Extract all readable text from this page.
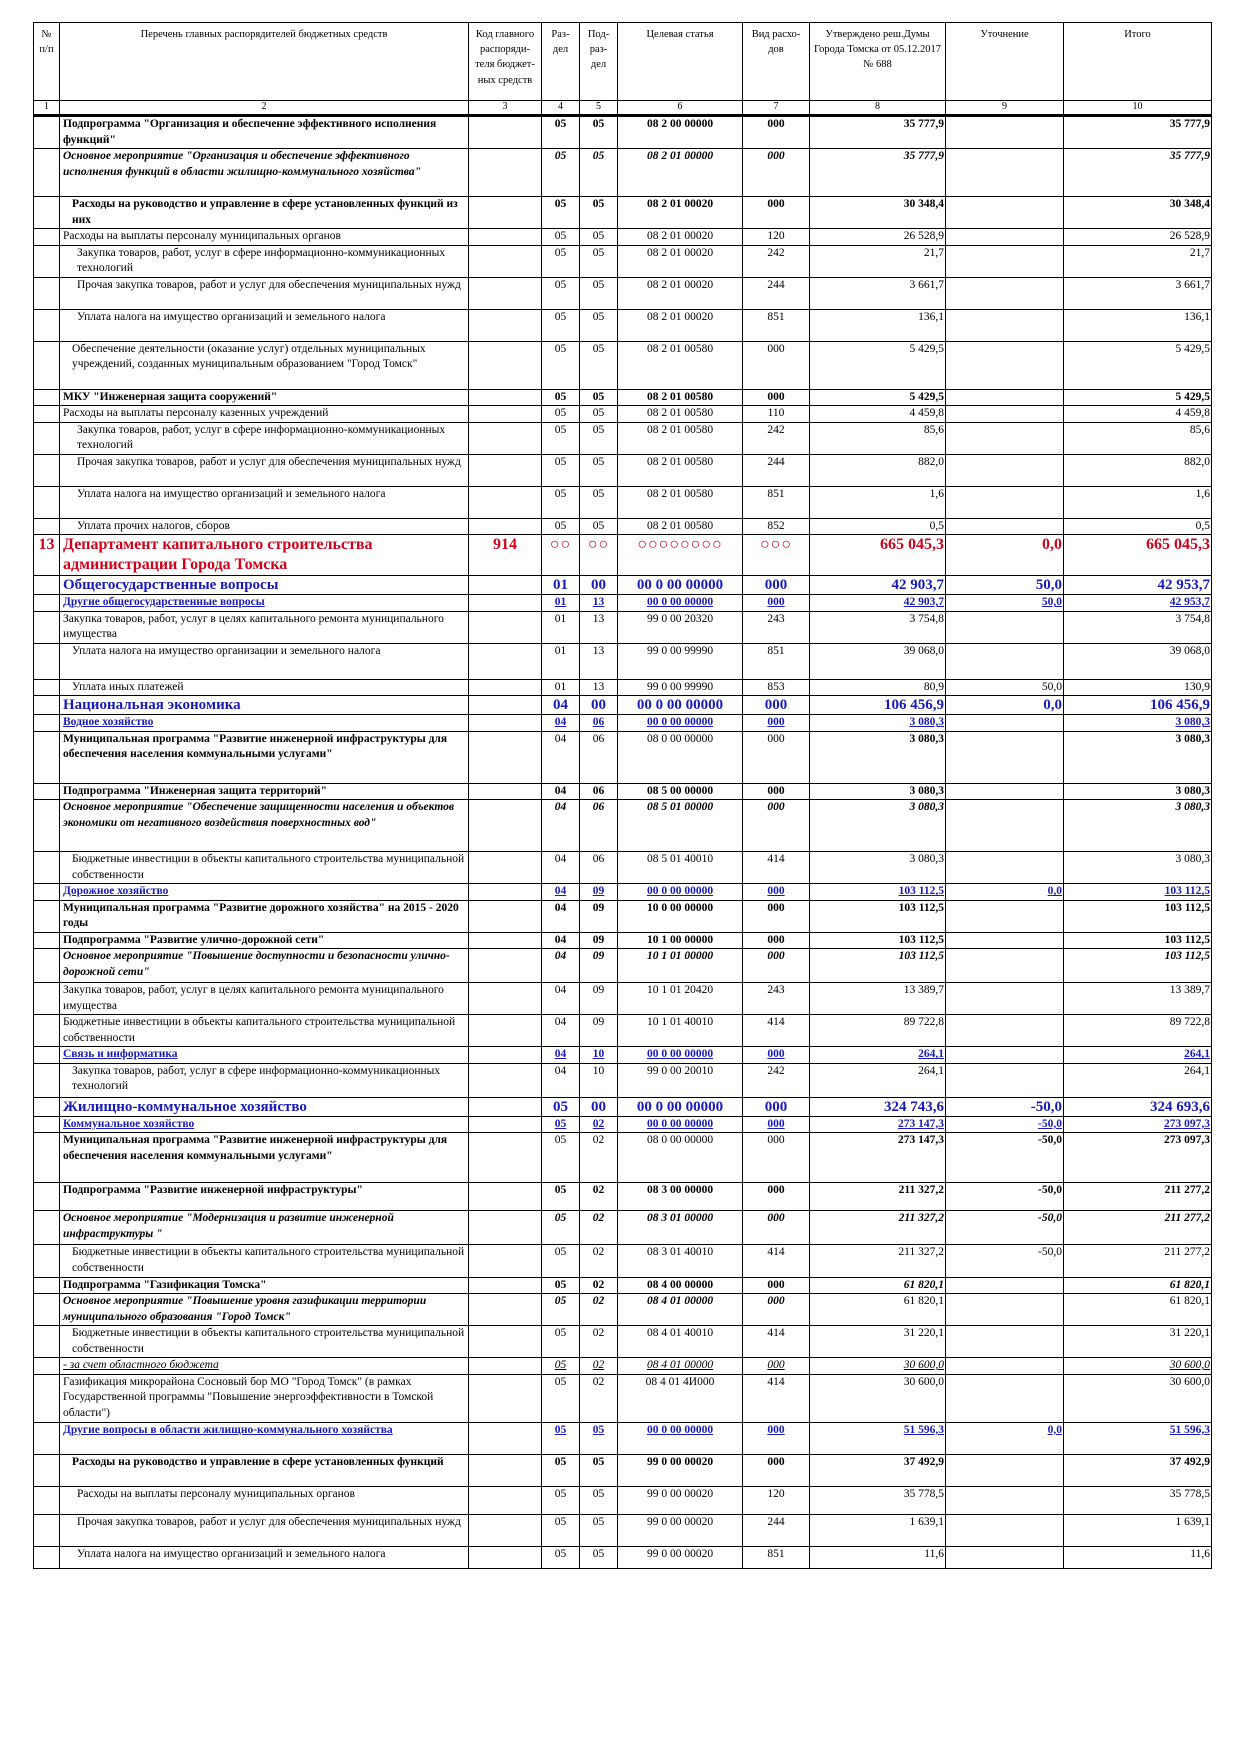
№ п/п	Перечень главных распорядителей бюджетных средств	Код главного распоряди-теля бюджет-ных средств	Раз-дел	Под-раз-дел	Целевая статья	Вид расхо-дов	Утверждено реш.Думы Города Томска от 05.12.2017 № 688	Уточнение	Итого
1	2	3	4	5	6	7	8	9	10
	Подпрограмма "Организация и обеспечение эффективного исполнения функций"		05	05	08 2 00 00000	000	35 777,9		35 777,9
	Основное мероприятие "Организация и обеспечение эффективного исполнения функций в области жилищно-коммунального хозяйства"		05	05	08 2 01 00000	000	35 777,9		35 777,9
	Расходы на руководство и управление в сфере установленных функций из них		05	05	08 2 01 00020	000	30 348,4		30 348,4
	Расходы на выплаты персоналу муниципальных органов		05	05	08 2 01 00020	120	26 528,9		26 528,9
	Закупка товаров, работ, услуг в сфере информационно-коммуникационных технологий		05	05	08 2 01 00020	242	21,7		21,7
	Прочая закупка товаров, работ и услуг для обеспечения муниципальных нужд		05	05	08 2 01 00020	244	3 661,7		3 661,7
	Уплата налога на имущество организаций и земельного налога		05	05	08 2 01 00020	851	136,1		136,1
	Обеспечение деятельности (оказание услуг) отдельных муниципальных учреждений, созданных муниципальным образованием "Город Томск"		05	05	08 2 01 00580	000	5 429,5		5 429,5
	МКУ "Инженерная защита сооружений"		05	05	08 2 01 00580	000	5 429,5		5 429,5
	Расходы на выплаты персоналу казенных учреждений		05	05	08 2 01 00580	110	4 459,8		4 459,8
	Закупка товаров, работ, услуг в сфере информационно-коммуникационных технологий		05	05	08 2 01 00580	242	85,6		85,6
	Прочая закупка товаров, работ и услуг для обеспечения муниципальных нужд		05	05	08 2 01 00580	244	882,0		882,0
	Уплата налога на имущество организаций и земельного налога		05	05	08 2 01 00580	851	1,6		1,6
	Уплата прочих налогов, сборов		05	05	08 2 01 00580	852	0,5		0,5
13	Департамент капитального строительства администрации Города Томска	914	○○	○○	○○○○○○○○	○○○	665 045,3	0,0	665 045,3
	Общегосударственные вопросы		01	00	00 0 00 00000	000	42 903,7	50,0	42 953,7
	Другие общегосударственные вопросы		01	13	00 0 00 00000	000	42 903,7	50,0	42 953,7
	Закупка товаров, работ, услуг в целях капитального ремонта муниципального имущества		01	13	99 0 00 20320	243	3 754,8		3 754,8
	Уплата налога на имущество организации и земельного налога		01	13	99 0 00 99990	851	39 068,0		39 068,0
	Уплата иных платежей		01	13	99 0 00 99990	853	80,9	50,0	130,9
	Национальная экономика		04	00	00 0 00 00000	000	106 456,9	0,0	106 456,9
	Водное хозяйство		04	06	00 0 00 00000	000	3 080,3		3 080,3
	Муниципальная программа "Развитие инженерной инфраструктуры для обеспечения населения коммунальными услугами"		04	06	08 0 00 00000	000	3 080,3		3 080,3
	Подпрограмма "Инженерная защита территорий"		04	06	08 5 00 00000	000	3 080,3		3 080,3
	Основное мероприятие "Обеспечение защищенности населения и объектов экономики от негативного воздействия поверхностных вод"		04	06	08 5 01 00000	000	3 080,3		3 080,3
	Бюджетные инвестиции в объекты капитального строительства муниципальной собственности		04	06	08 5 01 40010	414	3 080,3		3 080,3
	Дорожное хозяйство		04	09	00 0 00 00000	000	103 112,5	0,0	103 112,5
	Муниципальная программа "Развитие дорожного хозяйства" на 2015 - 2020 годы		04	09	10 0 00 00000	000	103 112,5		103 112,5
	Подпрограмма "Развитие улично-дорожной сети"		04	09	10 1 00 00000	000	103 112,5		103 112,5
	Основное мероприятие "Повышение доступности и безопасности улично-дорожной сети"		04	09	10 1 01 00000	000	103 112,5		103 112,5
	Закупка товаров, работ, услуг в целях капитального ремонта муниципального имущества		04	09	10 1 01 20420	243	13 389,7		13 389,7
	Бюджетные инвестиции в объекты капитального строительства муниципальной собственности		04	09	10 1 01 40010	414	89 722,8		89 722,8
	Связь и информатика		04	10	00 0 00 00000	000	264,1		264,1
	Закупка товаров, работ, услуг в сфере информационно-коммуникационных технологий		04	10	99 0 00 20010	242	264,1		264,1
	Жилищно-коммунальное хозяйство		05	00	00 0 00 00000	000	324 743,6	-50,0	324 693,6
	Коммунальное хозяйство		05	02	00 0 00 00000	000	273 147,3	-50,0	273 097,3
	Муниципальная программа "Развитие инженерной инфраструктуры для обеспечения населения коммунальными услугами"		05	02	08 0 00 00000	000	273 147,3	-50,0	273 097,3
	Подпрограмма "Развитие инженерной инфраструктуры"		05	02	08 3 00 00000	000	211 327,2	-50,0	211 277,2
	Основное мероприятие "Модернизация и развитие инженерной инфраструктуры "		05	02	08 3 01 00000	000	211 327,2	-50,0	211 277,2
	Бюджетные инвестиции в объекты капитального строительства муниципальной собственности		05	02	08 3 01 40010	414	211 327,2	-50,0	211 277,2
	Подпрограмма "Газификация Томска"		05	02	08 4 00 00000	000	61 820,1		61 820,1
	Основное мероприятие "Повышение уровня газификации территории муниципального образования "Город Томск"		05	02	08 4 01 00000	000	61 820,1		61 820,1
	Бюджетные инвестиции в объекты капитального строительства муниципальной собственности		05	02	08 4 01 40010	414	31 220,1		31 220,1
	- за счет областного бюджета		05	02	08 4 01 00000	000	30 600,0		30 600,0
	Газификация микрорайона Сосновый бор МО "Город Томск" (в рамках Государственной программы "Повышение энергоэффективности в Томской области")		05	02	08 4 01 4И000	414	30 600,0		30 600,0
	Другие вопросы в области жилищно-коммунального хозяйства		05	05	00 0 00 00000	000	51 596,3	0,0	51 596,3
	Расходы на руководство и управление в сфере установленных функций		05	05	99 0 00 00020	000	37 492,9		37 492,9
	Расходы на выплаты персоналу муниципальных органов		05	05	99 0 00 00020	120	35 778,5		35 778,5
	Прочая закупка товаров, работ и услуг для обеспечения муниципальных нужд		05	05	99 0 00 00020	244	1 639,1		1 639,1
	Уплата налога на имущество организаций и земельного налога		05	05	99 0 00 00020	851	11,6		11,6
